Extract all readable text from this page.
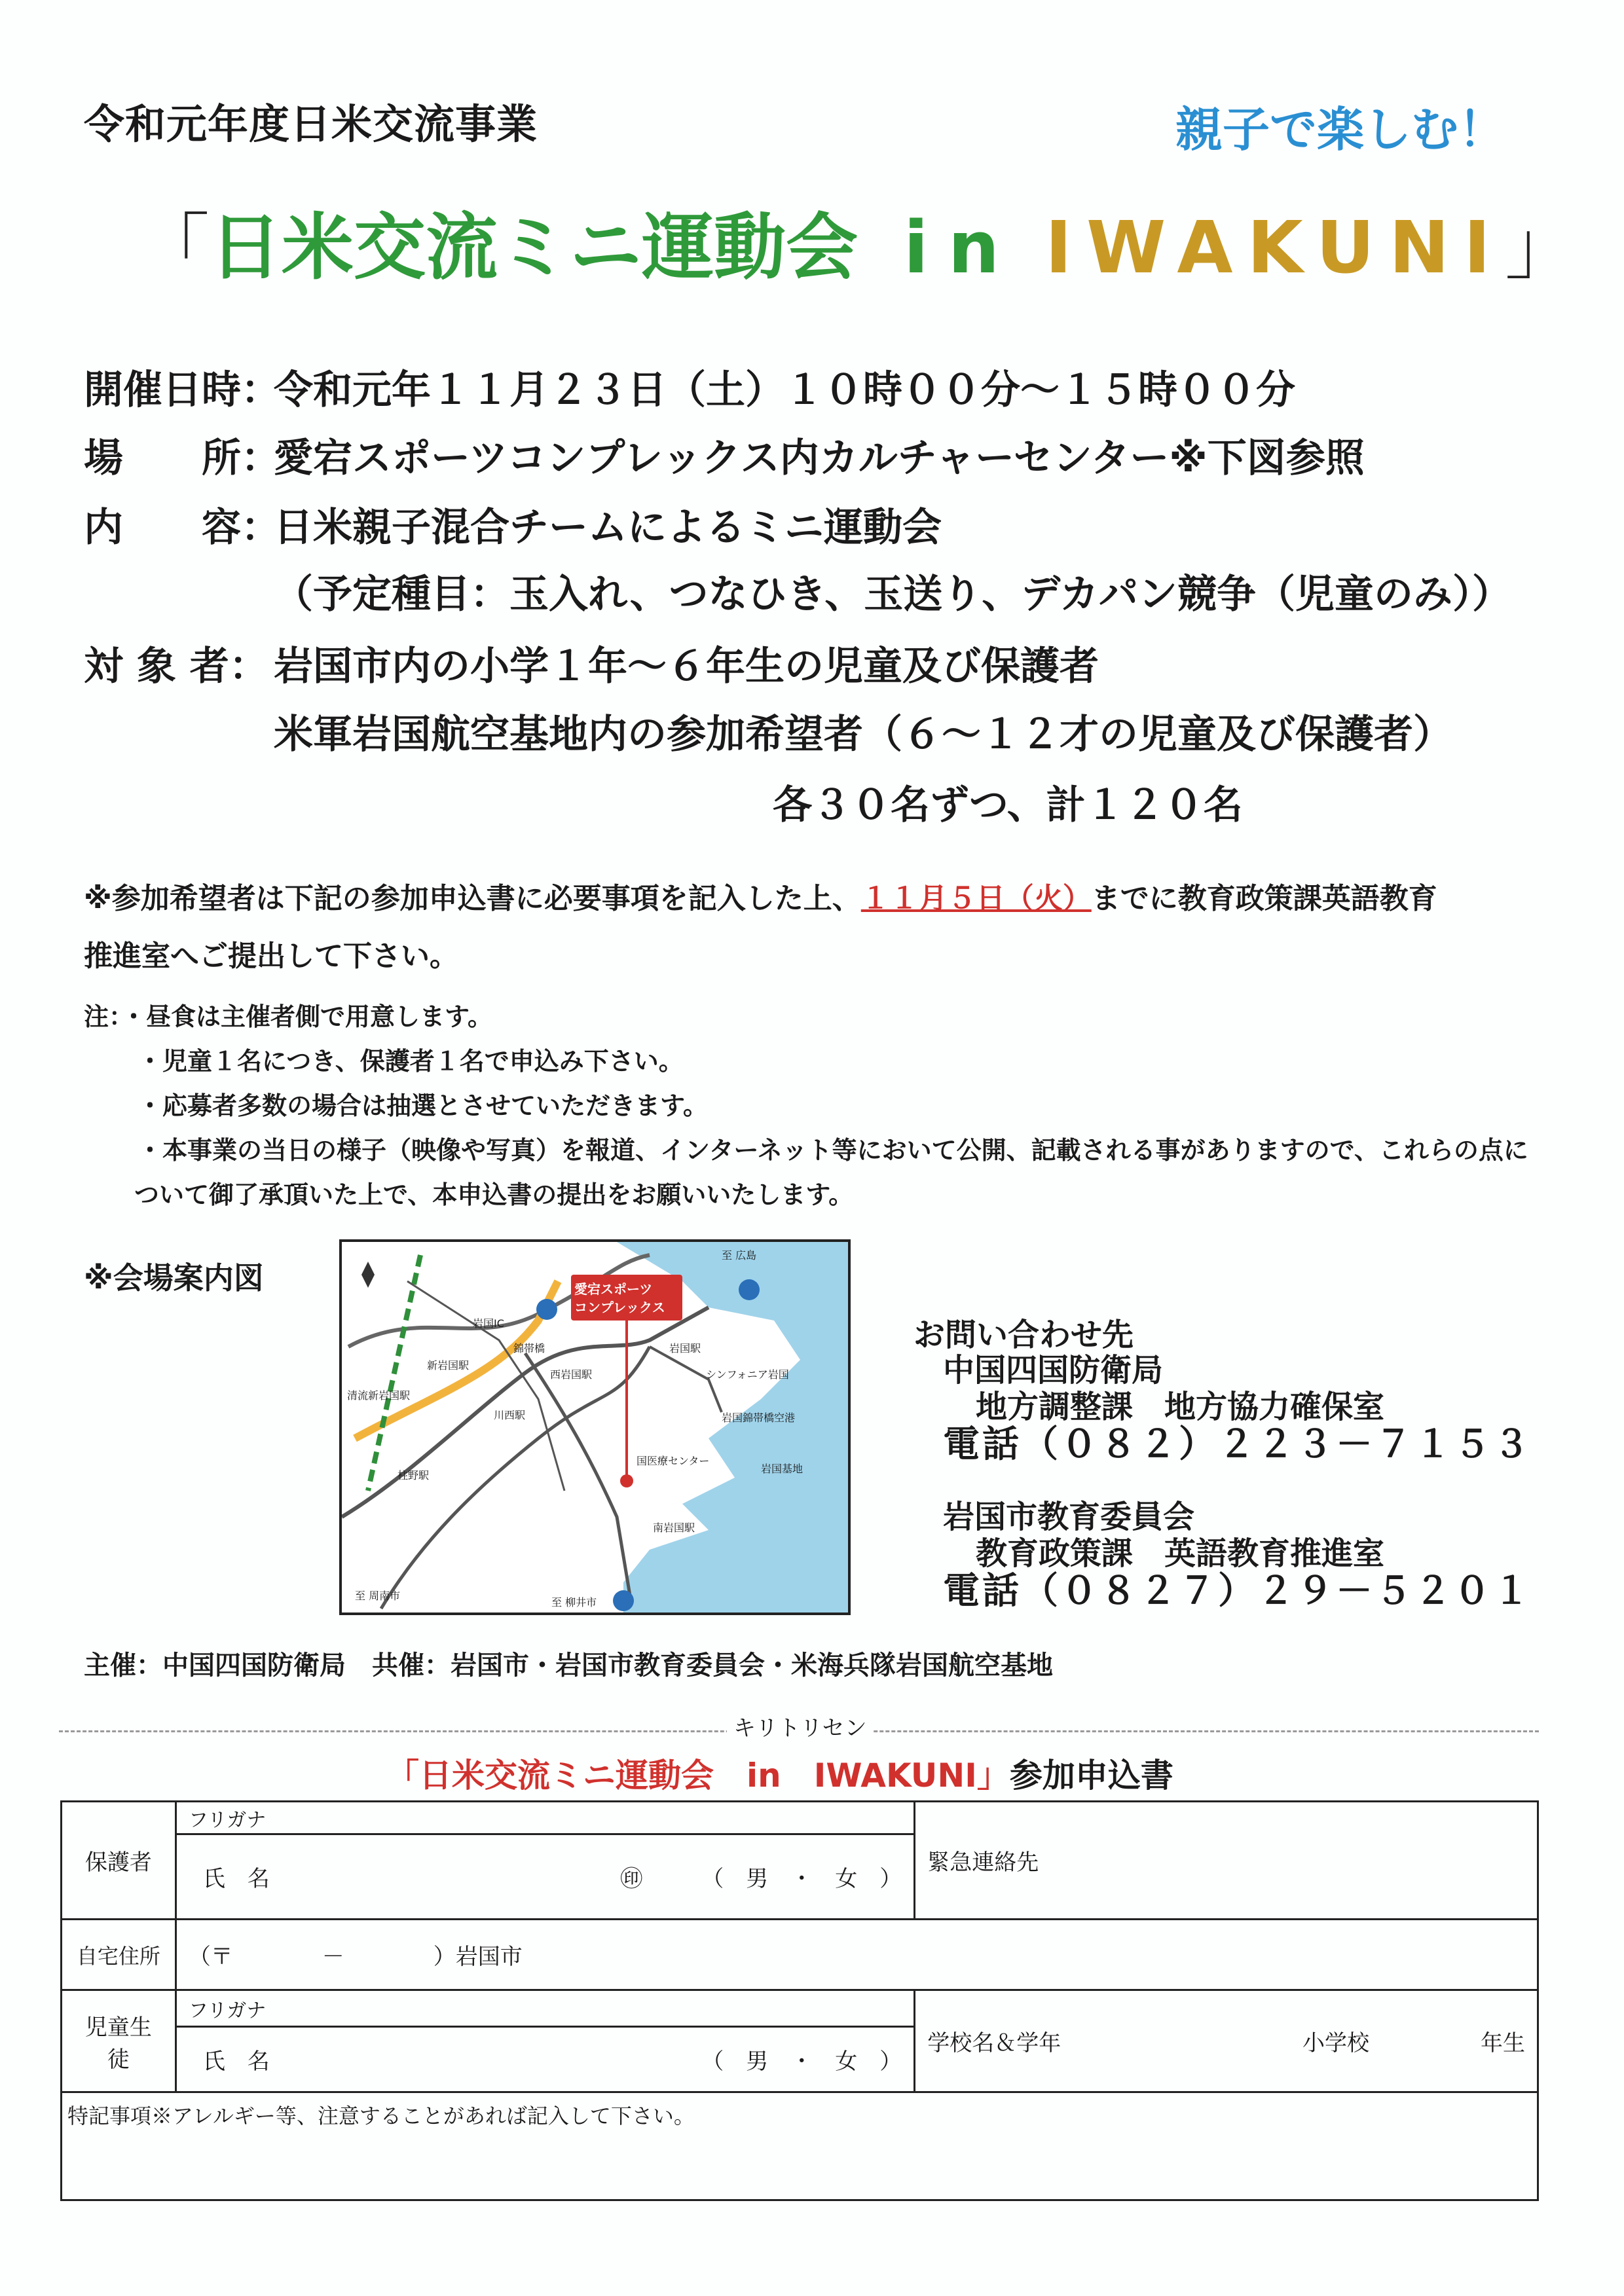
令和元年度日米交流事業	親子で楽しむ！
「日米交流ミニ運動会 in IWAKUNI」
開催日時：令和元年１１月２３日（土）１０時００分～１５時００分
場　　所：愛宕スポーツコンプレックス内カルチャーセンター※下図参照
内　　容：日米親子混合チームによるミニ運動会
（予定種目：玉入れ、つなひき、玉送り、デカパン競争（児童のみ））
対 象 者： 岩国市内の小学１年～６年生の児童及び保護者
米軍岩国航空基地内の参加希望者（６～１２才の児童及び保護者）
各３０名ずつ、計１２０名
※参加希望者は下記の参加申込書に必要事項を記入した上、１１月５日（火）までに教育政策課英語教育
推進室へご提出して下さい。
注：・昼食は主催者側で用意します。
・児童１名につき、保護者１名で申込み下さい。
・応募者多数の場合は抽選とさせていただきます。
・本事業の当日の様子（映像や写真）を報道、インターネット等において公開、記載される事がありますので、これらの点に
ついて御了承頂いた上で、本申込書の提出をお願いいたします。
※会場案内図	愛宕スポーツ
コンプレックス
至 広島
至 周南市
至 柳井市
岩国IC
新岩国駅
清流新岩国駅
錦帯橋
西岩国駅
川西駅
柱野駅
岩国駅
シンフォニア岩国
岩国錦帯橋空港
岩国基地
南岩国駅
国医療センター
お問い合わせ先
中国四国防衛局
地方調整課　地方協力確保室
電話（０８２）２２３－７１５３
岩国市教育委員会
教育政策課　英語教育推進室
電話（０８２７）２９－５２０１
主催：中国四国防衛局　共催：岩国市・岩国市教育委員会・米海兵隊岩国航空基地
キリトリセン
「日米交流ミニ運動会　in　IWAKUNI」参加申込書
保護者	フリガナ	緊急連絡先

	氏　名 ㊞ （　男　・　女　）	

自宅住所	（〒　　　　－　　　　）岩国市	
児童生徒	フリガナ	学校名＆学年 小学校 年生

	氏　名 （　男　・　女　）	

特記事項※アレルギー等、注意することがあれば記入して下さい。		
